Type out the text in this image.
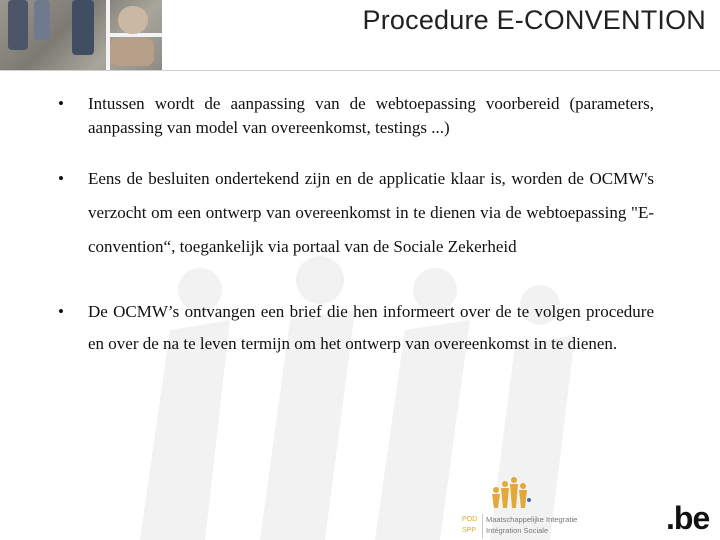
Procedure E-CONVENTION
• Intussen wordt de aanpassing van de webtoepassing voorbereid (parameters, aanpassing van model van overeenkomst, testings ...)
• Eens de besluiten ondertekend zijn en de applicatie klaar is, worden de OCMW's verzocht om een ontwerp van overeenkomst in te dienen via de webtoepassing "E-convention“, toegankelijk via portaal van de Sociale Zekerheid
• De OCMW’s ontvangen een brief die hen informeert over de te volgen procedure en over de na te leven termijn om het ontwerp van overeenkomst in te dienen.
POD
SPP
Maatschappelijke Integratie
Intégration Sociale	.be
